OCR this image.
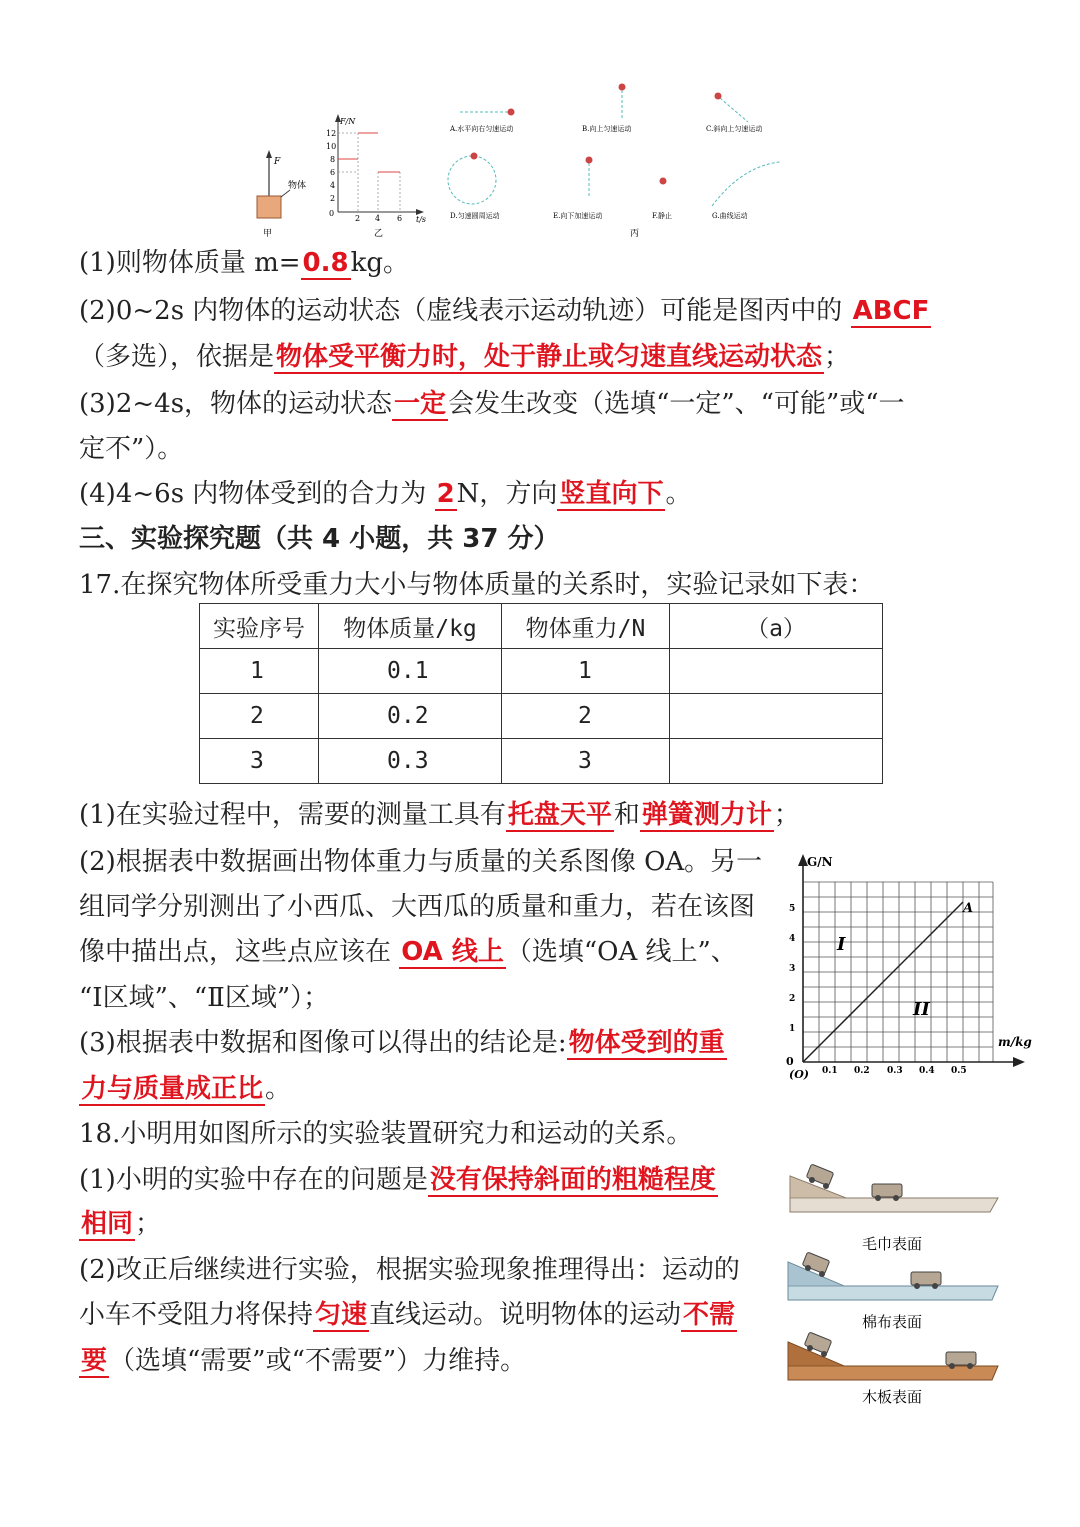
F
物体
甲
F/N
t/s
0
12
10
8
6
4
2
2 4 6
乙
A.水平向右匀速运动	B.向上匀速运动	C.斜向上匀速运动
D.匀速圆周运动	E.向下加速运动	F.静止	G.曲线运动
丙
(1)则物体质量 m=0.8kg。
(2)0~2s 内物体的运动状态（虚线表示运动轨迹）可能是图丙中的 ABCF
（多选），依据是物体受平衡力时，处于静止或匀速直线运动状态；
(3)2~4s，物体的运动状态一定会发生改变（选填“一定”、“可能”或“一
定不”）。
(4)4~6s 内物体受到的合力为 2N，方向竖直向下。
三、实验探究题（共 4 小题，共 37 分）
17.在探究物体所受重力大小与物体质量的关系时，实验记录如下表：
实验序号	物体质量/kg	物体重力/N	（a）
1	0.1	1	
2	0.2	2	
3	0.3	3	
(1)在实验过程中，需要的测量工具有托盘天平和弹簧测力计；
(2)根据表中数据画出物体重力与质量的关系图像 OA。另一
组同学分别测出了小西瓜、大西瓜的质量和重力，若在该图
像中描出点，这些点应该在 OA 线上（选填“OA 线上”、
“Ⅰ区域”、“Ⅱ区域”）；
(3)根据表中数据和图像可以得出的结论是:物体受到的重
力与质量成正比。
G/N
m/kg
A
I
II
0
(O)
1
2
3
4
5
0.1 0.2 0.3 0.4 0.5
18.小明用如图所示的实验装置研究力和运动的关系。
(1)小明的实验中存在的问题是没有保持斜面的粗糙程度
相同；
(2)改正后继续进行实验，根据实验现象推理得出：运动的
小车不受阻力将保持匀速直线运动。说明物体的运动不需
要（选填“需要”或“不需要”）力维持。
毛巾表面
棉布表面
木板表面
